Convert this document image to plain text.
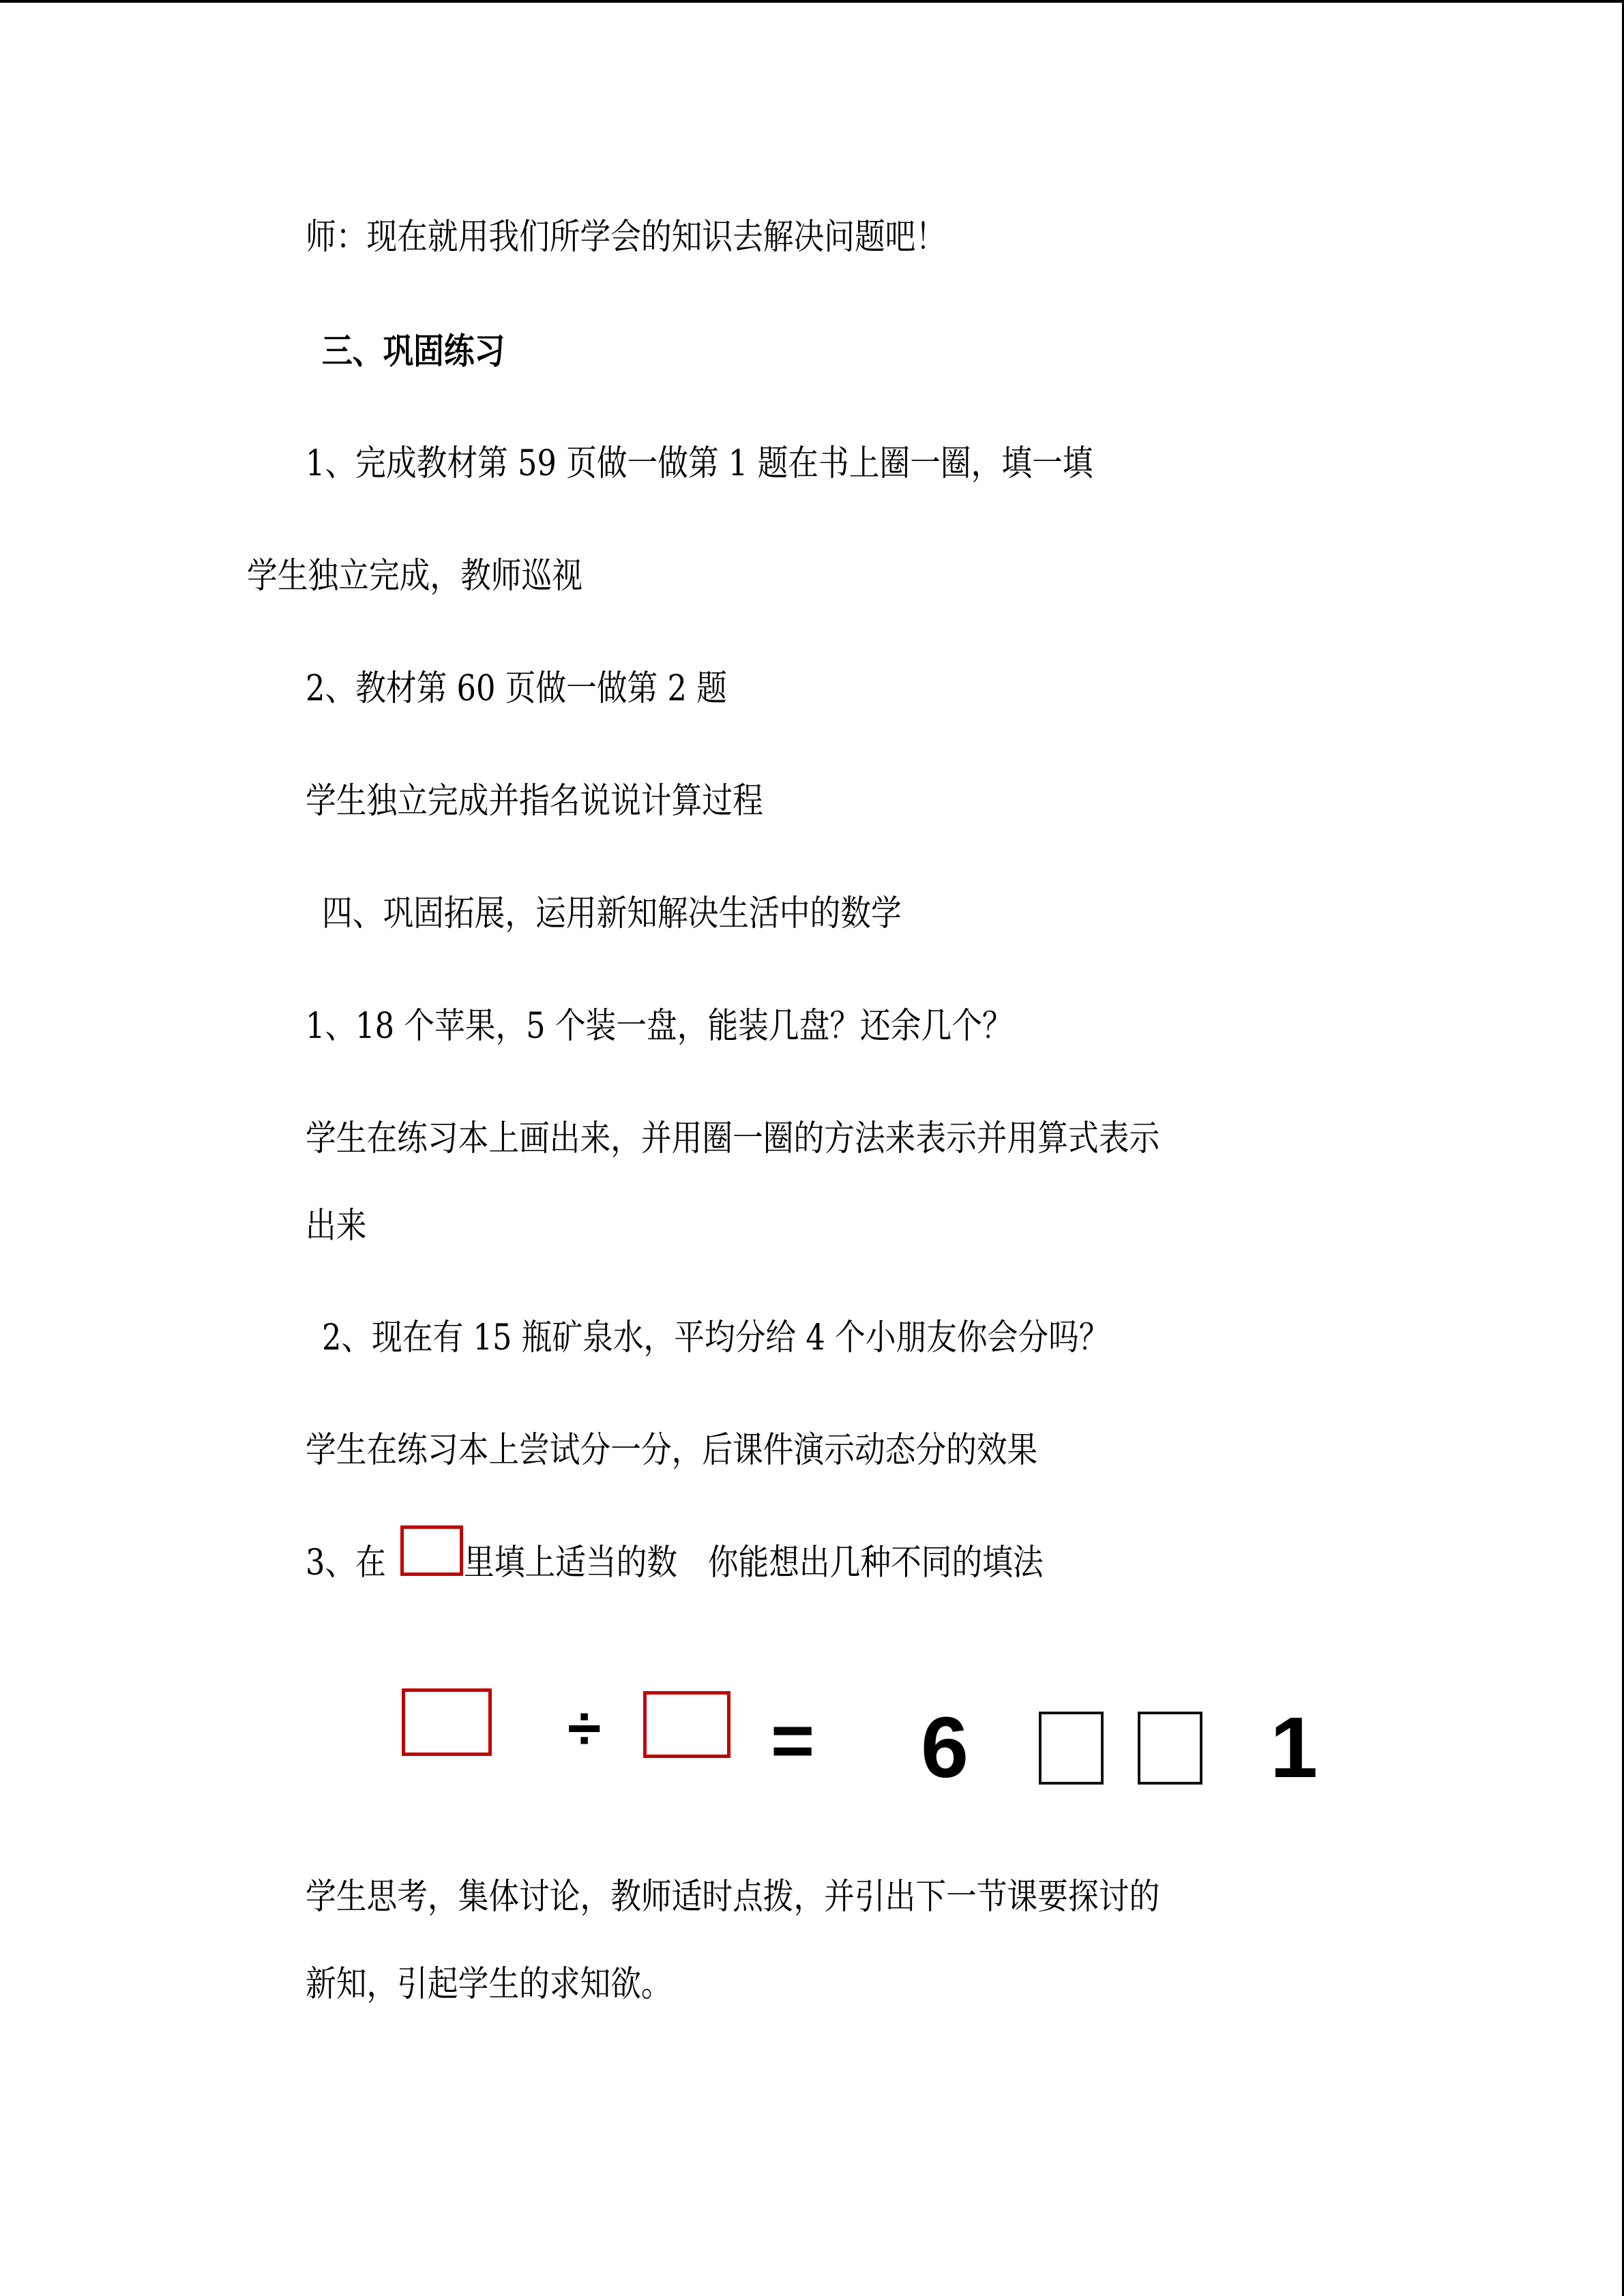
师：现在就用我们所学会的知识去解决问题吧！
三、巩固练习
1、完成教材第 59 页做一做第 1 题在书上圈一圈，填一填
学生独立完成，教师巡视
2、教材第 60 页做一做第 2 题
学生独立完成并指名说说计算过程
四、巩固拓展，运用新知解决生活中的数学
1、18 个苹果，5 个装一盘，能装几盘？还余几个？
学生在练习本上画出来，并用圈一圈的方法来表示并用算式表示
出来
2、现在有 15 瓶矿泉水，平均分给 4 个小朋友你会分吗？
学生在练习本上尝试分一分，后课件演示动态分的效果
3、在 里填上适当的数　你能想出几种不同的填法
÷ = 6	1
学生思考，集体讨论，教师适时点拨，并引出下一节课要探讨的
新知，引起学生的求知欲。
